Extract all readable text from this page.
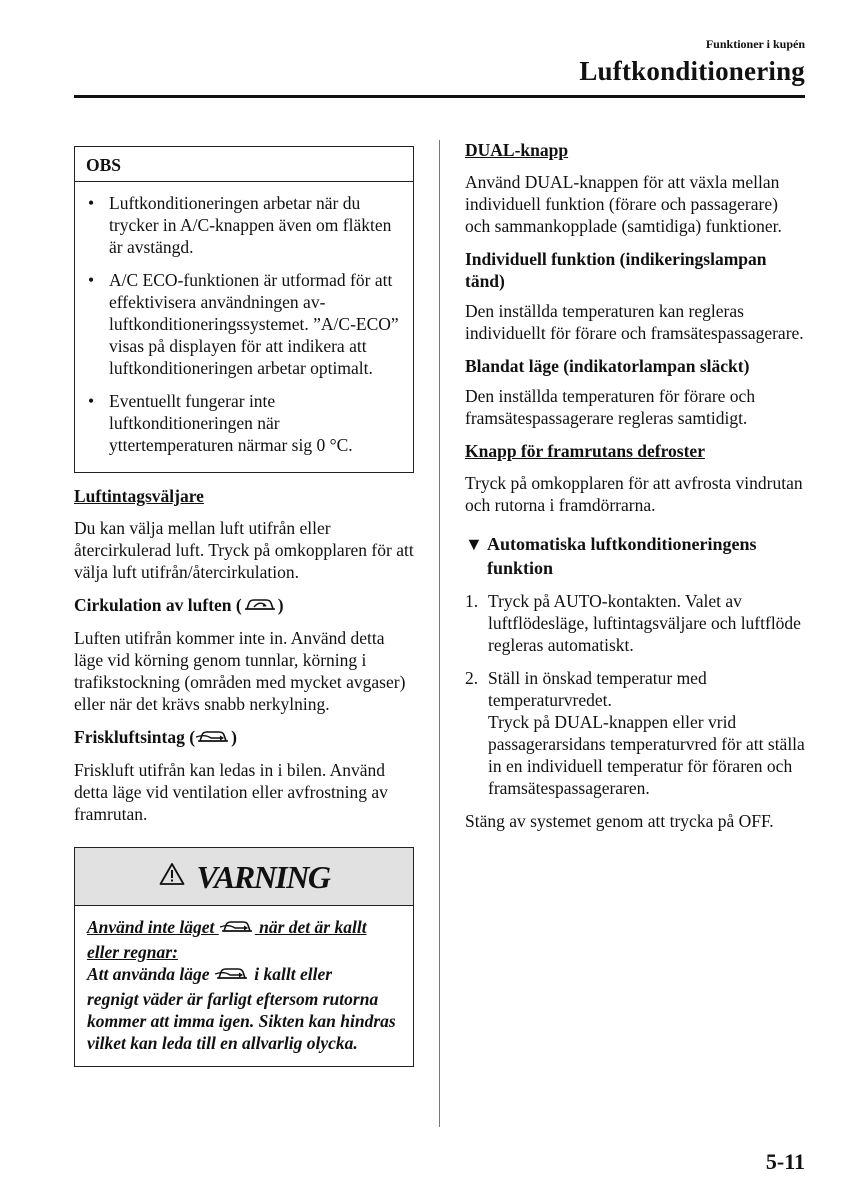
Funktioner i kupén
Luftkonditionering
OBS
• Luftkonditioneringen arbetar när du trycker in A/C-knappen även om fläkten är avstängd.
• A/C ECO-funktionen är utformad för att effektivisera användningen av- luftkonditioneringssystemet. ”A/C-ECO” visas på displayen för att indikera att luftkonditioneringen arbetar optimalt.
• Eventuellt fungerar inte luftkonditioneringen när yttertemperaturen närmar sig 0 °C.

Luftintagsväljare

Du kan välja mellan luft utifrån eller återcirkulerad luft. Tryck på omkopplaren för att välja luft utifrån/återcirkulation.

Cirkulation av luften ( )

Luften utifrån kommer inte in. Använd detta läge vid körning genom tunnlar, körning i trafikstockning (områden med mycket avgaser) eller när det krävs snabb nerkylning.

Friskluftsintag ( )

Friskluft utifrån kan ledas in i bilen. Använd detta läge vid ventilation eller avfrostning av framrutan.

VARNING
Använd inte läget  när det är kallt
eller regnar:
Att använda läge  i kallt eller
regnigt väder är farligt eftersom rutorna kommer att imma igen. Sikten kan hindras vilket kan leda till en allvarlig olycka.

DUAL-knapp

Använd DUAL-knappen för att växla mellan individuell funktion (förare och passagerare) och sammankopplade (samtidiga) funktioner.

Individuell funktion (indikeringslampan tänd)

Den inställda temperaturen kan regleras individuellt för förare och framsätespassagerare.

Blandat läge (indikatorlampan släckt)

Den inställda temperaturen för förare och framsätespassagerare regleras samtidigt.

Knapp för framrutans defroster

Tryck på omkopplaren för att avfrosta vindrutan och rutorna i framdörrarna.

▼ Automatiska luftkonditioneringens funktion
1. Tryck på AUTO-kontakten. Valet av luftflödesläge, luftintagsväljare och luftflöde regleras automatiskt.
2. Ställ in önskad temperatur med temperaturvredet.
Tryck på DUAL-knappen eller vrid passagerarsidans temperaturvred för att ställa in en individuell temperatur för föraren och framsätespassageraren.

Stäng av systemet genom att trycka på OFF.

5-11
